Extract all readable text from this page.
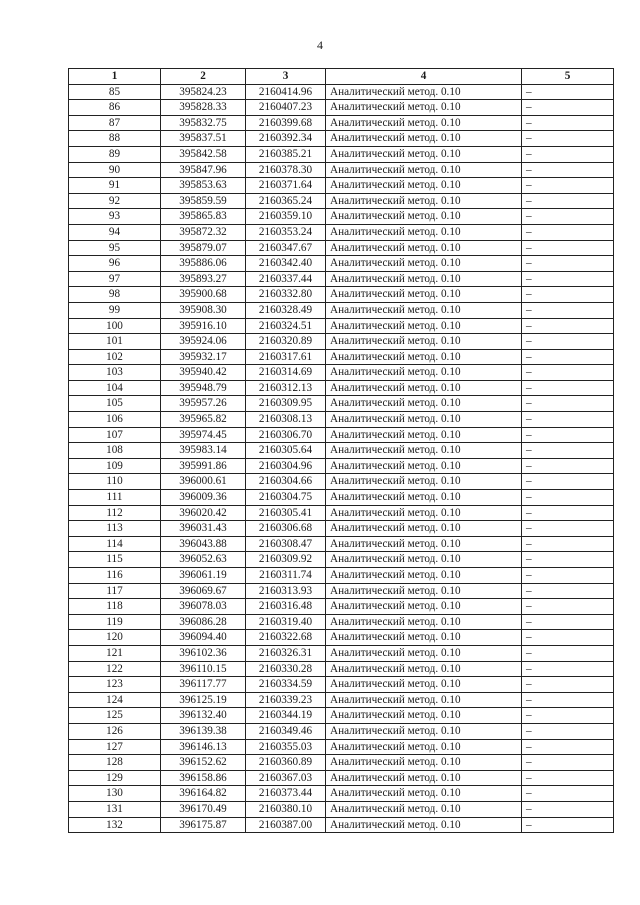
4
1	2	3	4	5
85	395824.23	2160414.96	Аналитический метод. 0.10	–
86	395828.33	2160407.23	Аналитический метод. 0.10	–
87	395832.75	2160399.68	Аналитический метод. 0.10	–
88	395837.51	2160392.34	Аналитический метод. 0.10	–
89	395842.58	2160385.21	Аналитический метод. 0.10	–
90	395847.96	2160378.30	Аналитический метод. 0.10	–
91	395853.63	2160371.64	Аналитический метод. 0.10	–
92	395859.59	2160365.24	Аналитический метод. 0.10	–
93	395865.83	2160359.10	Аналитический метод. 0.10	–
94	395872.32	2160353.24	Аналитический метод. 0.10	–
95	395879.07	2160347.67	Аналитический метод. 0.10	–
96	395886.06	2160342.40	Аналитический метод. 0.10	–
97	395893.27	2160337.44	Аналитический метод. 0.10	–
98	395900.68	2160332.80	Аналитический метод. 0.10	–
99	395908.30	2160328.49	Аналитический метод. 0.10	–
100	395916.10	2160324.51	Аналитический метод. 0.10	–
101	395924.06	2160320.89	Аналитический метод. 0.10	–
102	395932.17	2160317.61	Аналитический метод. 0.10	–
103	395940.42	2160314.69	Аналитический метод. 0.10	–
104	395948.79	2160312.13	Аналитический метод. 0.10	–
105	395957.26	2160309.95	Аналитический метод. 0.10	–
106	395965.82	2160308.13	Аналитический метод. 0.10	–
107	395974.45	2160306.70	Аналитический метод. 0.10	–
108	395983.14	2160305.64	Аналитический метод. 0.10	–
109	395991.86	2160304.96	Аналитический метод. 0.10	–
110	396000.61	2160304.66	Аналитический метод. 0.10	–
111	396009.36	2160304.75	Аналитический метод. 0.10	–
112	396020.42	2160305.41	Аналитический метод. 0.10	–
113	396031.43	2160306.68	Аналитический метод. 0.10	–
114	396043.88	2160308.47	Аналитический метод. 0.10	–
115	396052.63	2160309.92	Аналитический метод. 0.10	–
116	396061.19	2160311.74	Аналитический метод. 0.10	–
117	396069.67	2160313.93	Аналитический метод. 0.10	–
118	396078.03	2160316.48	Аналитический метод. 0.10	–
119	396086.28	2160319.40	Аналитический метод. 0.10	–
120	396094.40	2160322.68	Аналитический метод. 0.10	–
121	396102.36	2160326.31	Аналитический метод. 0.10	–
122	396110.15	2160330.28	Аналитический метод. 0.10	–
123	396117.77	2160334.59	Аналитический метод. 0.10	–
124	396125.19	2160339.23	Аналитический метод. 0.10	–
125	396132.40	2160344.19	Аналитический метод. 0.10	–
126	396139.38	2160349.46	Аналитический метод. 0.10	–
127	396146.13	2160355.03	Аналитический метод. 0.10	–
128	396152.62	2160360.89	Аналитический метод. 0.10	–
129	396158.86	2160367.03	Аналитический метод. 0.10	–
130	396164.82	2160373.44	Аналитический метод. 0.10	–
131	396170.49	2160380.10	Аналитический метод. 0.10	–
132	396175.87	2160387.00	Аналитический метод. 0.10	–
